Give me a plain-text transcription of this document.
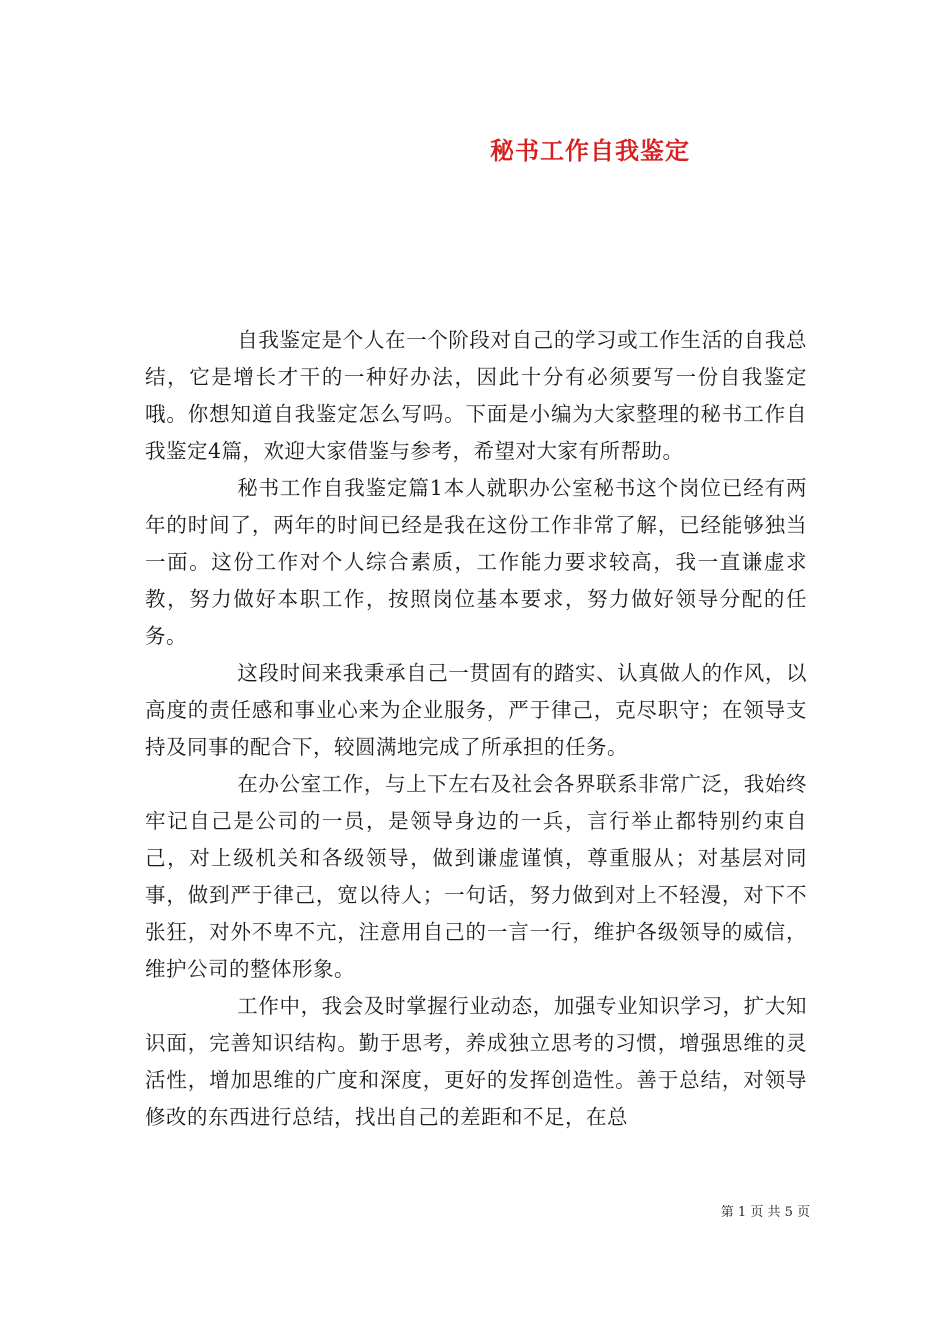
秘书工作自我鉴定

自我鉴定是个人在一个阶段对自己的学习或工作生活的自我总结，它是增长才干的一种好办法，因此十分有必须要写一份自我鉴定哦。你想知道自我鉴定怎么写吗。下面是小编为大家整理的秘书工作自我鉴定4篇，欢迎大家借鉴与参考，希望对大家有所帮助。

秘书工作自我鉴定篇1本人就职办公室秘书这个岗位已经有两年的时间了，两年的时间已经是我在这份工作非常了解，已经能够独当一面。这份工作对个人综合素质，工作能力要求较高，我一直谦虚求教，努力做好本职工作，按照岗位基本要求，努力做好领导分配的任务。

这段时间来我秉承自己一贯固有的踏实、认真做人的作风，以高度的责任感和事业心来为企业服务，严于律己，克尽职守；在领导支持及同事的配合下，较圆满地完成了所承担的任务。

在办公室工作，与上下左右及社会各界联系非常广泛，我始终牢记自己是公司的一员，是领导身边的一兵，言行举止都特别约束自己，对上级机关和各级领导，做到谦虚谨慎，尊重服从；对基层对同事，做到严于律己，宽以待人；一句话，努力做到对上不轻漫，对下不张狂，对外不卑不亢，注意用自己的一言一行，维护各级领导的威信，维护公司的整体形象。

工作中，我会及时掌握行业动态，加强专业知识学习，扩大知识面，完善知识结构。勤于思考，养成独立思考的习惯，增强思维的灵活性，增加思维的广度和深度，更好的发挥创造性。善于总结，对领导修改的东西进行总结，找出自己的差距和不足，在总

第 1 页 共 5 页
